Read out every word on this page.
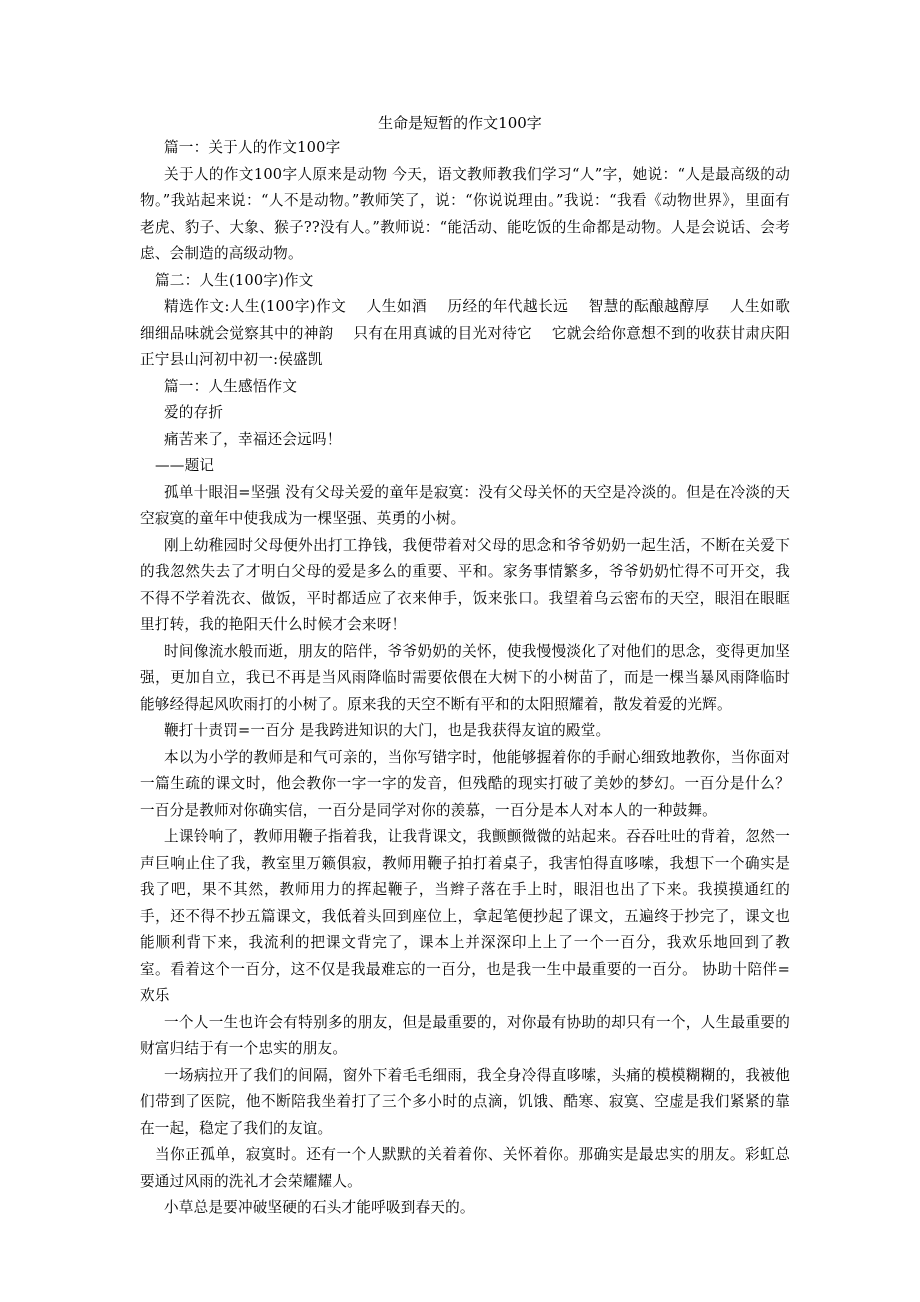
生命是短暂的作文100字

篇一：关于人的作文100字

关于人的作文100字人原来是动物 今天，语文教师教我们学习“人”字，她说：“人是最高级的动物。”我站起来说：“人不是动物。”教师笑了，说：“你说说理由。”我说：“我看《动物世界》，里面有老虎、豹子、大象、猴子??没有人。”教师说：“能活动、能吃饭的生命都是动物。人是会说话、会考虑、会制造的高级动物。

篇二：人生(100字)作文

精选作文:人生(100字)作文　 人生如酒　 历经的年代越长远　 智慧的酝酿越醇厚　 人生如歌　 细细品味就会觉察其中的神韵　 只有在用真诚的目光对待它　 它就会给你意想不到的收获甘肃庆阳正宁县山河初中初一:侯盛凯

篇一：人生感悟作文

爱的存折

痛苦来了，幸福还会远吗！

——题记

孤单十眼泪=坚强 没有父母关爱的童年是寂寞：没有父母关怀的天空是冷淡的。但是在冷淡的天空寂寞的童年中使我成为一棵坚强、英勇的小树。

刚上幼稚园时父母便外出打工挣钱，我便带着对父母的思念和爷爷奶奶一起生活，不断在关爱下的我忽然失去了才明白父母的爱是多么的重要、平和。家务事情繁多，爷爷奶奶忙得不可开交，我不得不学着洗衣、做饭，平时都适应了衣来伸手，饭来张口。我望着乌云密布的天空，眼泪在眼眶里打转，我的艳阳天什么时候才会来呀！

时间像流水般而逝，朋友的陪伴，爷爷奶奶的关怀，使我慢慢淡化了对他们的思念，变得更加坚强，更加自立，我已不再是当风雨降临时需要依偎在大树下的小树苗了，而是一棵当暴风雨降临时能够经得起风吹雨打的小树了。原来我的天空不断有平和的太阳照耀着，散发着爱的光辉。

鞭打十责罚=一百分 是我跨进知识的大门，也是我获得友谊的殿堂。

本以为小学的教师是和气可亲的，当你写错字时，他能够握着你的手耐心细致地教你，当你面对一篇生疏的课文时，他会教你一字一字的发音，但残酷的现实打破了美妙的梦幻。一百分是什么？一百分是教师对你确实信，一百分是同学对你的羡慕，一百分是本人对本人的一种鼓舞。

上课铃响了，教师用鞭子指着我，让我背课文，我颤颤微微的站起来。吞吞吐吐的背着，忽然一声巨响止住了我，教室里万籁俱寂，教师用鞭子拍打着桌子，我害怕得直哆嗦，我想下一个确实是我了吧，果不其然，教师用力的挥起鞭子，当辫子落在手上时，眼泪也出了下来。我摸摸通红的手，还不得不抄五篇课文，我低着头回到座位上，拿起笔便抄起了课文，五遍终于抄完了，课文也能顺利背下来，我流利的把课文背完了，课本上并深深印上上了一个一百分，我欢乐地回到了教室。看着这个一百分，这不仅是我最难忘的一百分，也是我一生中最重要的一百分。 协助十陪伴=欢乐

一个人一生也许会有特别多的朋友，但是最重要的，对你最有协助的却只有一个，人生最重要的财富归结于有一个忠实的朋友。

一场病拉开了我们的间隔，窗外下着毛毛细雨，我全身冷得直哆嗦，头痛的模模糊糊的，我被他们带到了医院，他不断陪我坐着打了三个多小时的点滴，饥饿、酷寒、寂寞、空虚是我们紧紧的靠在一起，稳定了我们的友谊。

当你正孤单，寂寞时。还有一个人默默的关着着你、关怀着你。那确实是最忠实的朋友。彩虹总要通过风雨的洗礼才会荣耀耀人。

小草总是要冲破坚硬的石头才能呼吸到春天的。
